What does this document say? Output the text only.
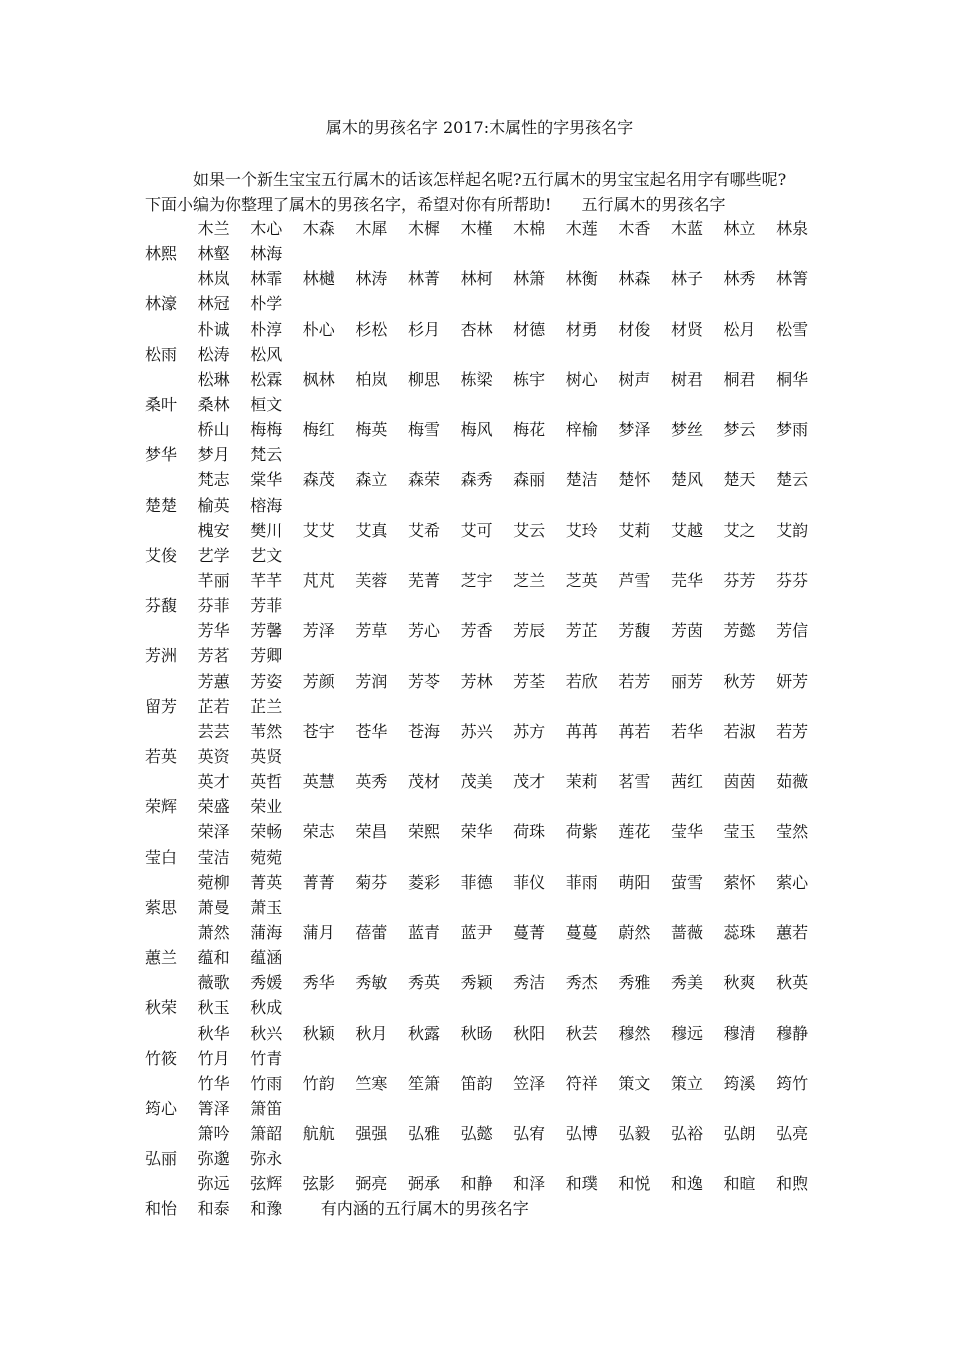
属木的男孩名字 2017:木属性的字男孩名字

如果一个新生宝宝五行属木的话该怎样起名呢?五行属木的男宝宝起名用字有哪些呢?
下面小编为你整理了属木的男孩名字，希望对你有所帮助! 五行属木的男孩名字

木兰 木心 木森 木犀 木樨 木槿 木棉 木莲 木香 木蓝 林立 林泉
林熙 林壑 林海
林岚 林霏 林樾 林涛 林菁 林柯 林箫 林衡 林森 林子 林秀 林箐
林濠 林冠 朴学
朴诚 朴淳 朴心 杉松 杉月 杏林 材德 材勇 材俊 材贤 松月 松雪
松雨 松涛 松风
松琳 松霖 枫林 柏岚 柳思 栋梁 栋宇 树心 树声 树君 桐君 桐华
桑叶 桑林 桓文
桥山 梅梅 梅红 梅英 梅雪 梅风 梅花 梓榆 梦泽 梦丝 梦云 梦雨
梦华 梦月 梵云
梵志 棠华 森茂 森立 森荣 森秀 森丽 楚洁 楚怀 楚风 楚天 楚云
楚楚 榆英 榕海
槐安 樊川 艾艾 艾真 艾希 艾可 艾云 艾玲 艾莉 艾越 艾之 艾韵
艾俊 艺学 艺文
芊丽 芊芊 芃芃 芙蓉 芜菁 芝宇 芝兰 芝英 芦雪 芫华 芬芳 芬芬
芬馥 芬菲 芳菲
芳华 芳馨 芳泽 芳草 芳心 芳香 芳辰 芳芷 芳馥 芳茵 芳懿 芳信
芳洲 芳茗 芳卿
芳蕙 芳姿 芳颜 芳润 芳苓 芳林 芳荃 若欣 若芳 丽芳 秋芳 妍芳
留芳 芷若 芷兰
芸芸 苇然 苍宇 苍华 苍海 苏兴 苏方 苒苒 苒若 若华 若淑 若芳
若英 英资 英贤
英才 英哲 英慧 英秀 茂材 茂美 茂才 茉莉 茗雪 茜红 茵茵 茹薇
荣辉 荣盛 荣业
荣泽 荣畅 荣志 荣昌 荣熙 荣华 荷珠 荷紫 莲花 莹华 莹玉 莹然
莹白 莹洁 菀菀
菀柳 菁英 菁菁 菊芬 菱彩 菲德 菲仪 菲雨 萌阳 萤雪 萦怀 萦心
萦思 萧曼 萧玉
萧然 蒲海 蒲月 蓓蕾 蓝青 蓝尹 蔓菁 蔓蔓 蔚然 蔷薇 蕊珠 蕙若
蕙兰 蕴和 蕴涵
薇歌 秀媛 秀华 秀敏 秀英 秀颖 秀洁 秀杰 秀雅 秀美 秋爽 秋英
秋荣 秋玉 秋成
秋华 秋兴 秋颖 秋月 秋露 秋旸 秋阳 秋芸 穆然 穆远 穆清 穆静
竹筱 竹月 竹青
竹华 竹雨 竹韵 竺寒 笙箫 笛韵 笠泽 符祥 策文 策立 筠溪 筠竹
筠心 箐泽 箫笛
箫吟 箫韶 航航 强强 弘雅 弘懿 弘宥 弘博 弘毅 弘裕 弘朗 弘亮
弘丽 弥邈 弥永
弥远 弦辉 弦影 弼亮 弼承 和静 和泽 和璞 和悦 和逸 和暄 和煦
和怡 和泰 和豫 有内涵的五行属木的男孩名字
